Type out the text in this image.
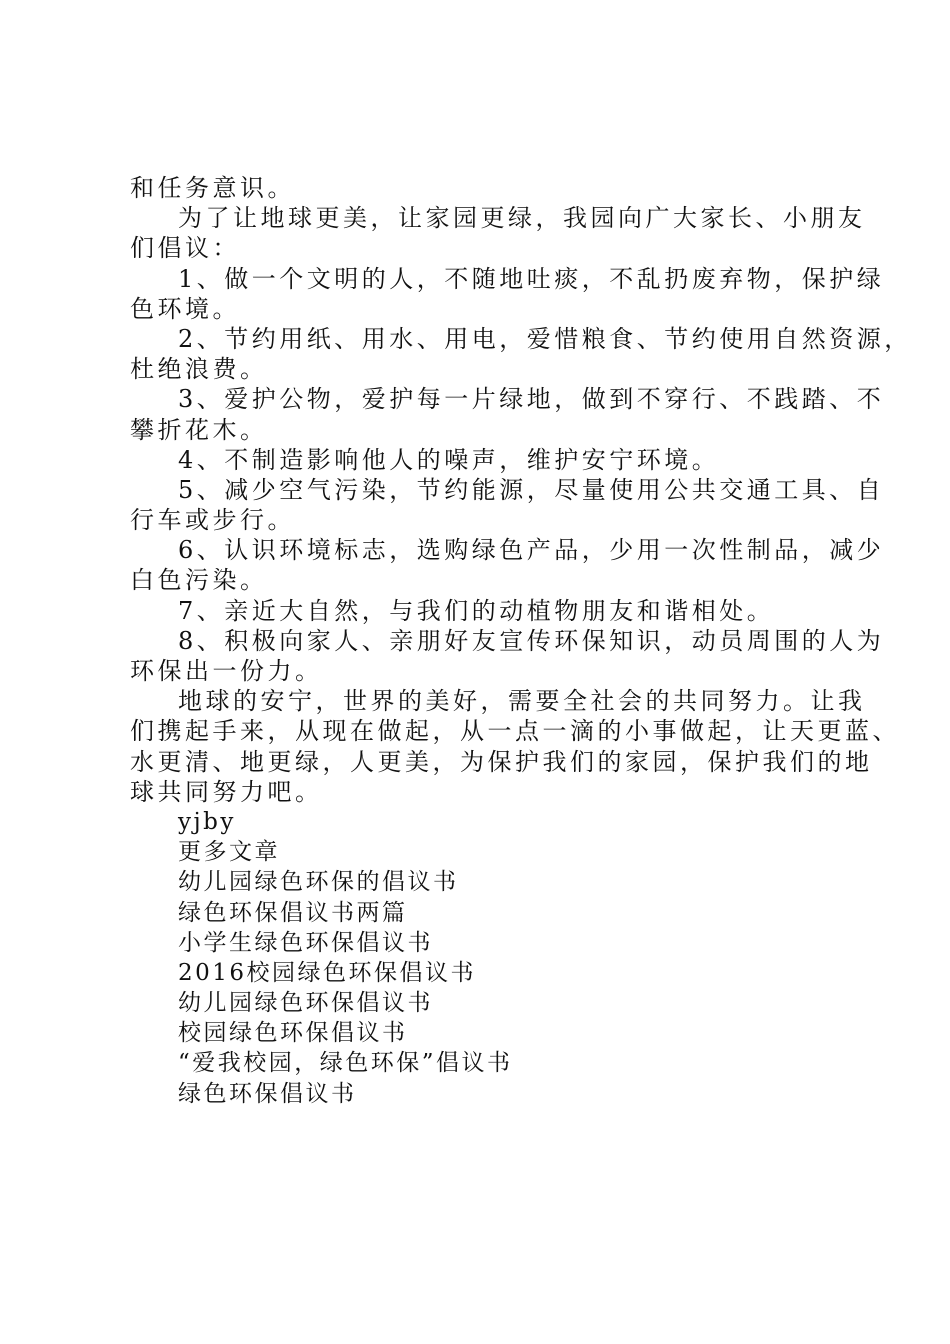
和任务意识。
为了让地球更美，让家园更绿，我园向广大家长、小朋友
们倡议：
1、做一个文明的人，不随地吐痰，不乱扔废弃物，保护绿
色环境。
2、节约用纸、用水、用电，爱惜粮食、节约使用自然资源，
杜绝浪费。
3、爱护公物，爱护每一片绿地，做到不穿行、不践踏、不
攀折花木。
4、不制造影响他人的噪声，维护安宁环境。
5、减少空气污染，节约能源，尽量使用公共交通工具、自
行车或步行。
6、认识环境标志，选购绿色产品，少用一次性制品，减少
白色污染。
7、亲近大自然，与我们的动植物朋友和谐相处。
8、积极向家人、亲朋好友宣传环保知识，动员周围的人为
环保出一份力。
地球的安宁，世界的美好，需要全社会的共同努力。让我
们携起手来，从现在做起，从一点一滴的小事做起，让天更蓝、
水更清、地更绿，人更美，为保护我们的家园，保护我们的地
球共同努力吧。
yjby
更多文章
幼儿园绿色环保的倡议书
绿色环保倡议书两篇
小学生绿色环保倡议书
2016校园绿色环保倡议书
幼儿园绿色环保倡议书
校园绿色环保倡议书
“爱我校园，绿色环保”倡议书
绿色环保倡议书
